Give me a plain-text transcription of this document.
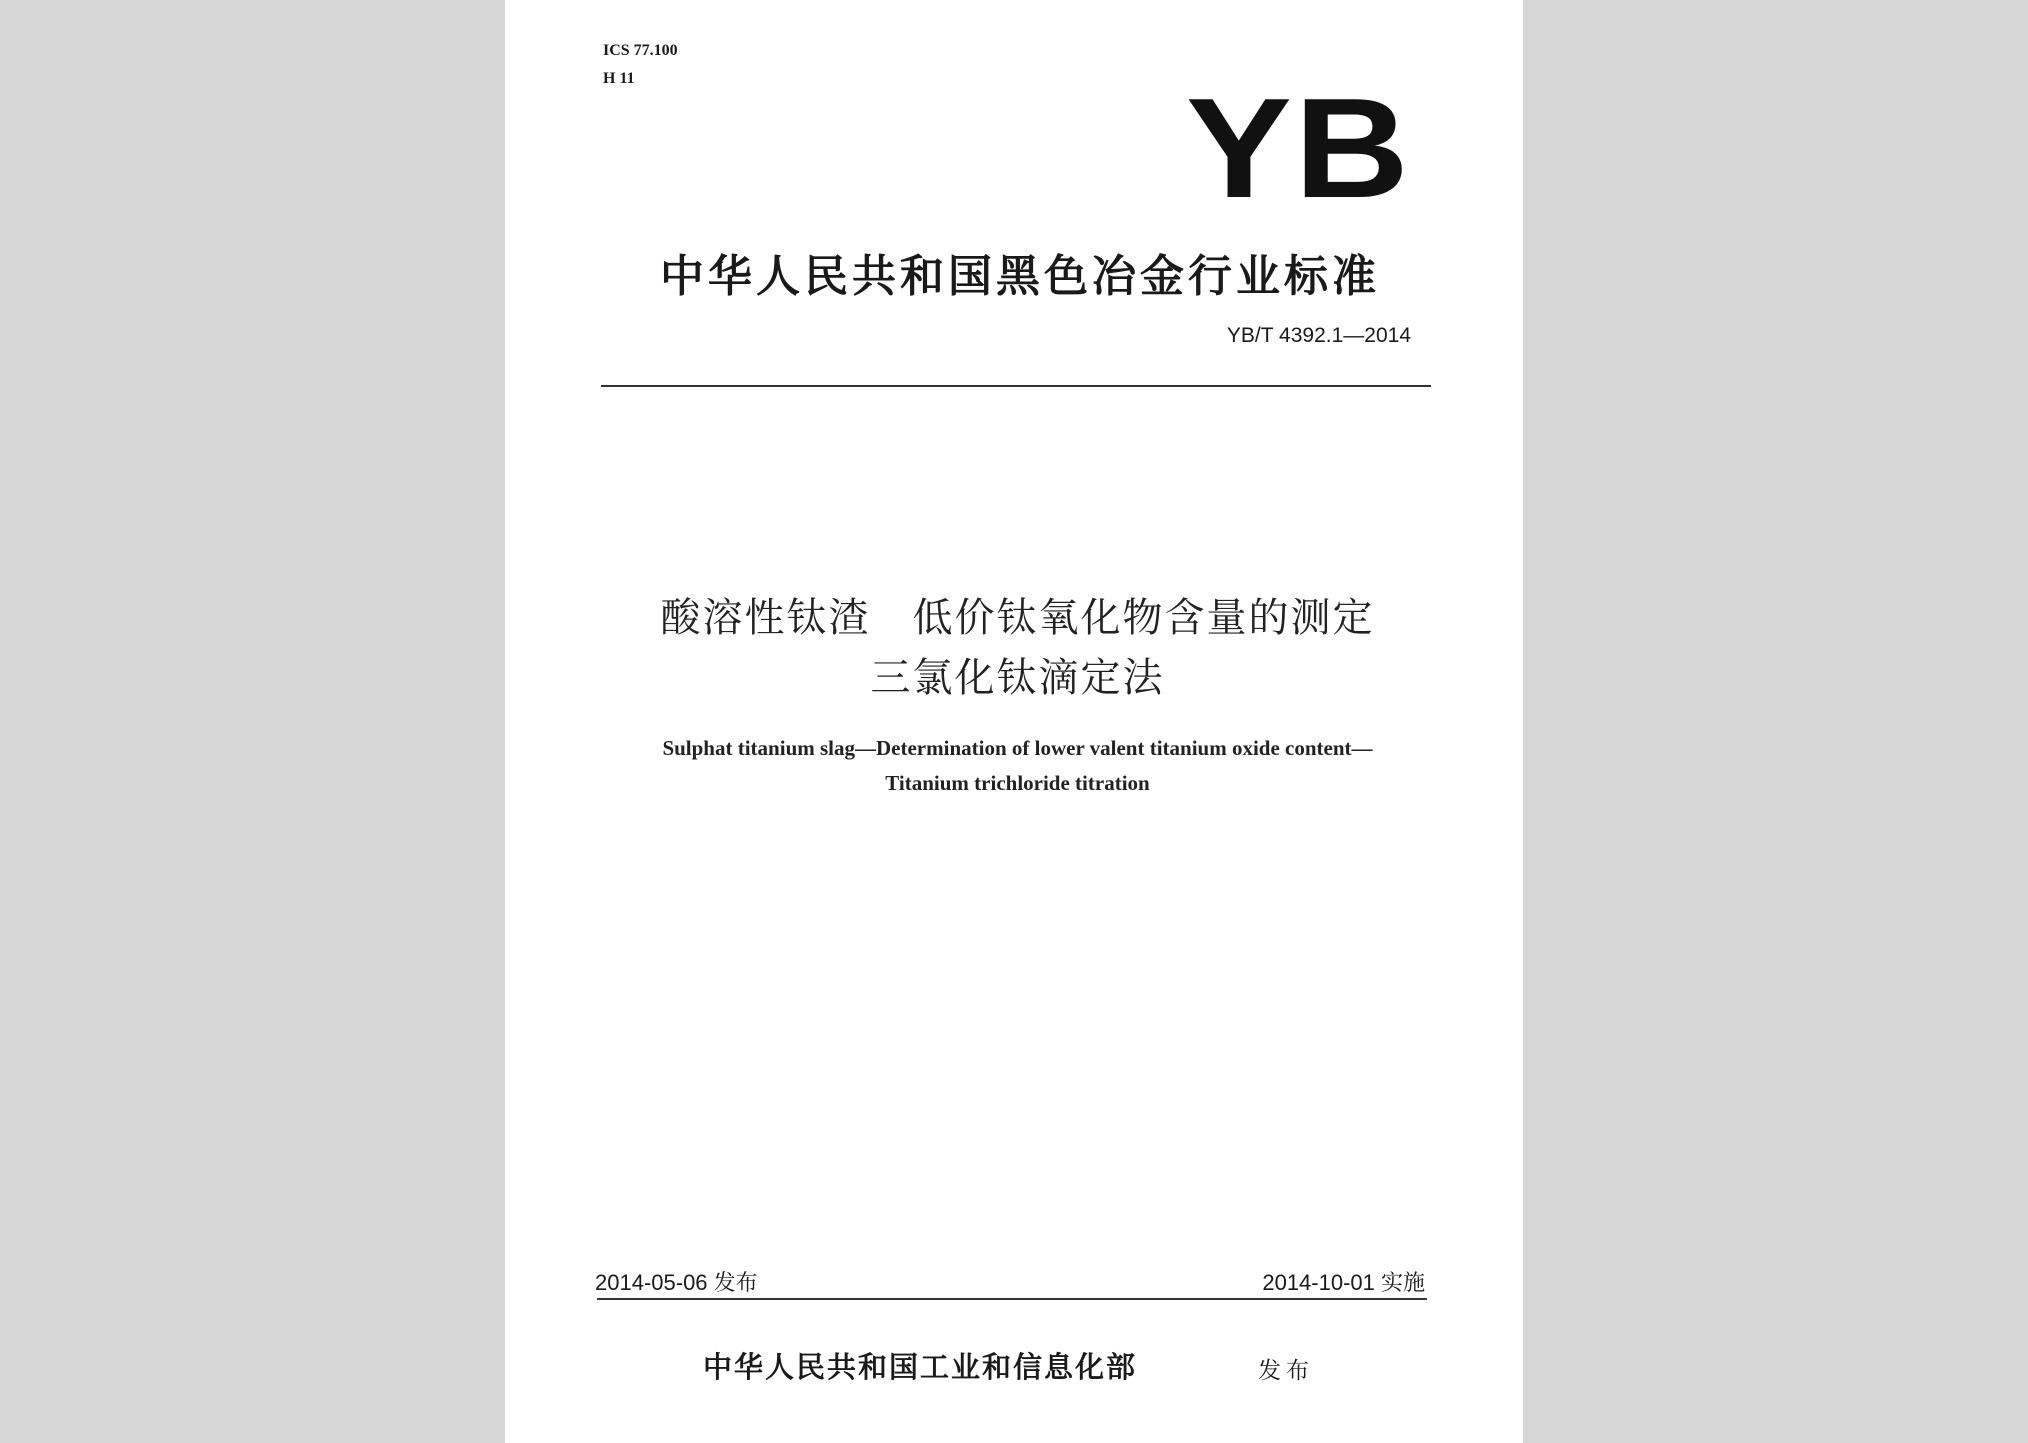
ICS 77.100
H 11	YB
中华人民共和国黑色冶金行业标准
YB/T 4392.1—2014
酸溶性钛渣　低价钛氧化物含量的测定
三氯化钛滴定法
Sulphat titanium slag—Determination of lower valent titanium oxide content—
Titanium trichloride titration
2014-05-06 发布	2014-10-01 实施
中华人民共和国工业和信息化部	发布
